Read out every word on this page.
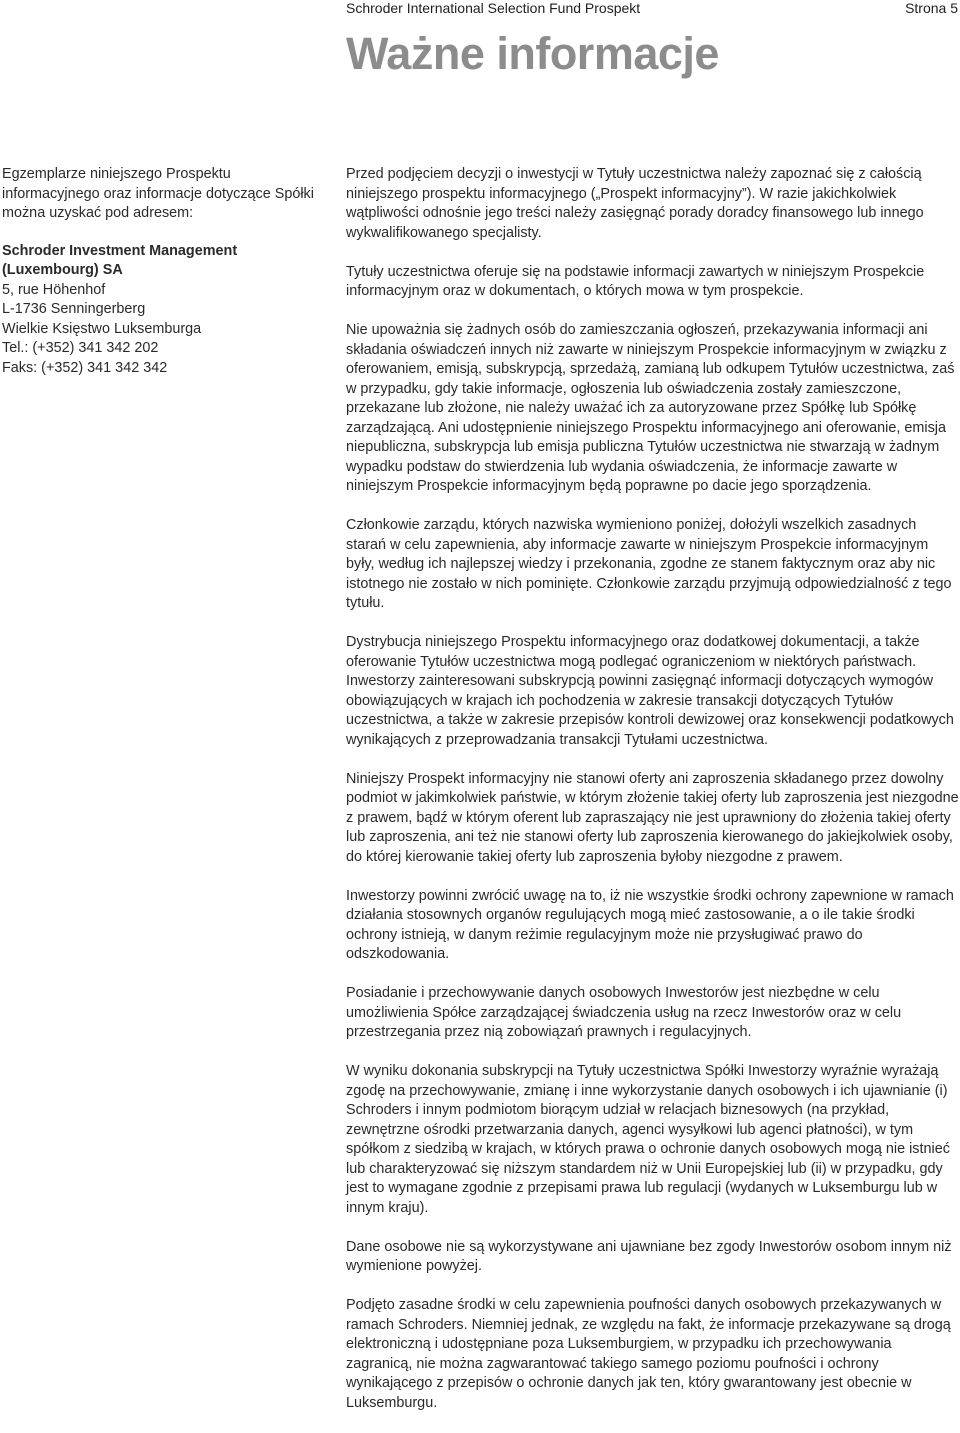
Schroder International Selection Fund Prospekt	Strona 5
Ważne informacje

Egzemplarze niniejszego Prospektu informacyjnego oraz informacje dotyczące Spółki można uzyskać pod adresem:

Schroder Investment Management

(Luxembourg) SA

5, rue Höhenhof

L-1736 Senningerberg

Wielkie Księstwo Luksemburga

Tel.: (+352) 341 342 202

Faks: (+352) 341 342 342

Przed podjęciem decyzji o inwestycji w Tytuły uczestnictwa należy zapoznać się z całością niniejszego prospektu informacyjnego („Prospekt informacyjny”). W razie jakichkolwiek wątpliwości odnośnie jego treści należy zasięgnąć porady doradcy finansowego lub innego wykwalifikowanego specjalisty.

Tytuły uczestnictwa oferuje się na podstawie informacji zawartych w niniejszym Prospekcie informacyjnym oraz w dokumentach, o których mowa w tym prospekcie.

Nie upoważnia się żadnych osób do zamieszczania ogłoszeń, przekazywania informacji ani składania oświadczeń innych niż zawarte w niniejszym Prospekcie informacyjnym w związku z oferowaniem, emisją, subskrypcją, sprzedażą, zamianą lub odkupem Tytułów uczestnictwa, zaś w przypadku, gdy takie informacje, ogłoszenia lub oświadczenia zostały zamieszczone, przekazane lub złożone, nie należy uważać ich za autoryzowane przez Spółkę lub Spółkę zarządzającą. Ani udostępnienie niniejszego Prospektu informacyjnego ani oferowanie, emisja niepubliczna, subskrypcja lub emisja publiczna Tytułów uczestnictwa nie stwarzają w żadnym wypadku podstaw do stwierdzenia lub wydania oświadczenia, że informacje zawarte w niniejszym Prospekcie informacyjnym będą poprawne po dacie jego sporządzenia.

Członkowie zarządu, których nazwiska wymieniono poniżej, dołożyli wszelkich zasadnych starań w celu zapewnienia, aby informacje zawarte w niniejszym Prospekcie informacyjnym były, według ich najlepszej wiedzy i przekonania, zgodne ze stanem faktycznym oraz aby nic istotnego nie zostało w nich pominięte. Członkowie zarządu przyjmują odpowiedzialność z tego tytułu.

Dystrybucja niniejszego Prospektu informacyjnego oraz dodatkowej dokumentacji, a także oferowanie Tytułów uczestnictwa mogą podlegać ograniczeniom w niektórych państwach. Inwestorzy zainteresowani subskrypcją powinni zasięgnąć informacji dotyczących wymogów obowiązujących w krajach ich pochodzenia w zakresie transakcji dotyczących Tytułów uczestnictwa, a także w zakresie przepisów kontroli dewizowej oraz konsekwencji podatkowych wynikających z przeprowadzania transakcji Tytułami uczestnictwa.

Niniejszy Prospekt informacyjny nie stanowi oferty ani zaproszenia składanego przez dowolny podmiot w jakimkolwiek państwie, w którym złożenie takiej oferty lub zaproszenia jest niezgodne z prawem, bądź w którym oferent lub zapraszający nie jest uprawniony do złożenia takiej oferty lub zaproszenia, ani też nie stanowi oferty lub zaproszenia kierowanego do jakiejkolwiek osoby, do której kierowanie takiej oferty lub zaproszenia byłoby niezgodne z prawem.

Inwestorzy powinni zwrócić uwagę na to, iż nie wszystkie środki ochrony zapewnione w ramach działania stosownych organów regulujących mogą mieć zastosowanie, a o ile takie środki ochrony istnieją, w danym reżimie regulacyjnym może nie przysługiwać prawo do odszkodowania.

Posiadanie i przechowywanie danych osobowych Inwestorów jest niezbędne w celu umożliwienia Spółce zarządzającej świadczenia usług na rzecz Inwestorów oraz w celu przestrzegania przez nią zobowiązań prawnych i regulacyjnych.

W wyniku dokonania subskrypcji na Tytuły uczestnictwa Spółki Inwestorzy wyraźnie wyrażają zgodę na przechowywanie, zmianę i inne wykorzystanie danych osobowych i ich ujawnianie (i) Schroders i innym podmiotom biorącym udział w relacjach biznesowych (na przykład, zewnętrzne ośrodki przetwarzania danych, agenci wysyłkowi lub agenci płatności), w tym spółkom z siedzibą w krajach, w których prawa o ochronie danych osobowych mogą nie istnieć lub charakteryzować się niższym standardem niż w Unii Europejskiej lub (ii) w przypadku, gdy jest to wymagane zgodnie z przepisami prawa lub regulacji (wydanych w Luksemburgu lub w innym kraju).

Dane osobowe nie są wykorzystywane ani ujawniane bez zgody Inwestorów osobom innym niż wymienione powyżej.

Podjęto zasadne środki w celu zapewnienia poufności danych osobowych przekazywanych w ramach Schroders. Niemniej jednak, ze względu na fakt, że informacje przekazywane są drogą elektroniczną i udostępniane poza Luksemburgiem, w przypadku ich przechowywania zagranicą, nie można zagwarantować takiego samego poziomu poufności i ochrony wynikającego z przepisów o ochronie danych jak ten, który gwarantowany jest obecnie w Luksemburgu.
